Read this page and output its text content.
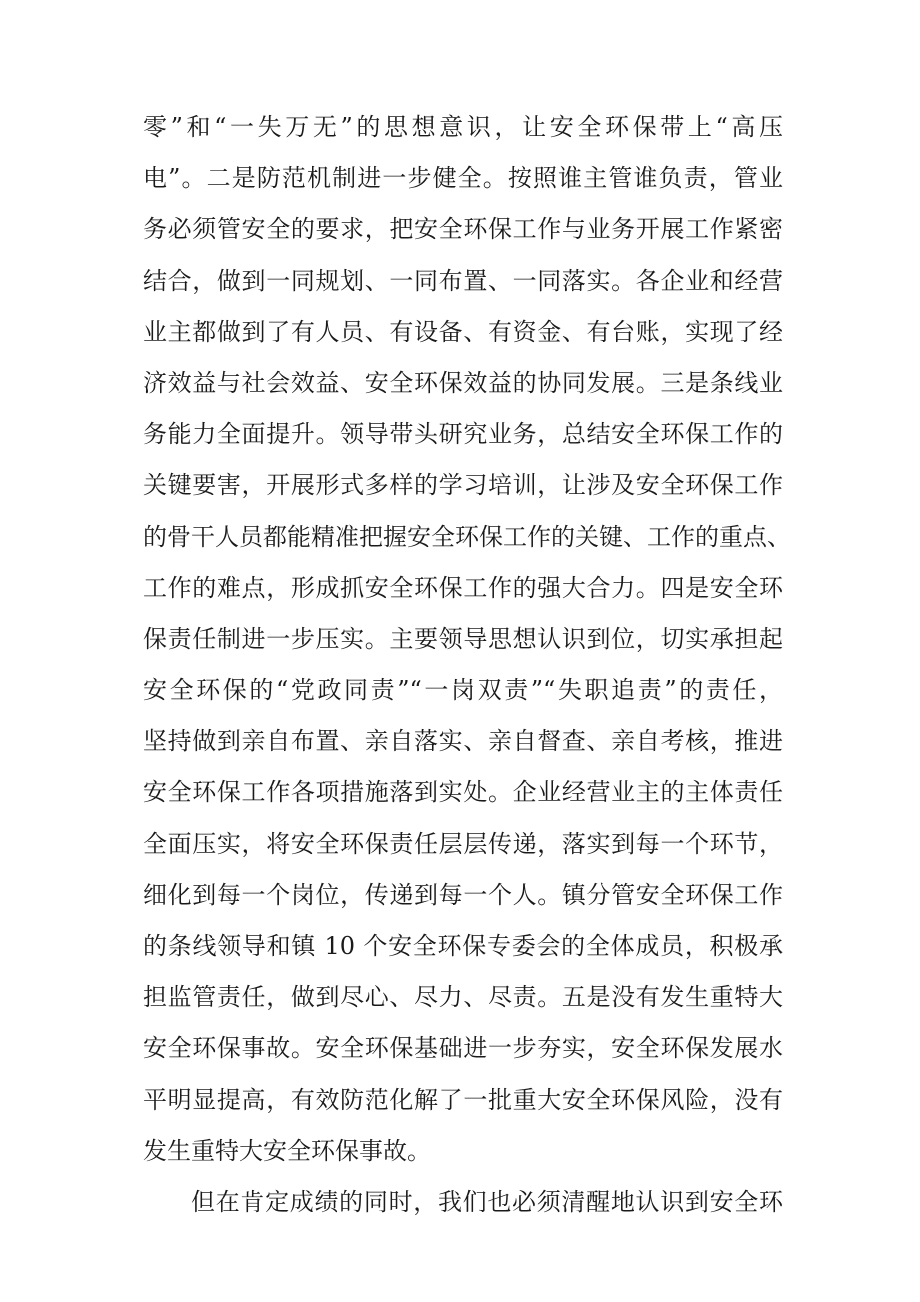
零”和“一失万无”的思想意识，让安全环保带上“高压
电”。二是防范机制进一步健全。按照谁主管谁负责，管业
务必须管安全的要求，把安全环保工作与业务开展工作紧密
结合，做到一同规划、一同布置、一同落实。各企业和经营
业主都做到了有人员、有设备、有资金、有台账，实现了经
济效益与社会效益、安全环保效益的协同发展。三是条线业
务能力全面提升。领导带头研究业务，总结安全环保工作的
关键要害，开展形式多样的学习培训，让涉及安全环保工作
的骨干人员都能精准把握安全环保工作的关键、工作的重点、
工作的难点，形成抓安全环保工作的强大合力。四是安全环
保责任制进一步压实。主要领导思想认识到位，切实承担起
安全环保的“党政同责”“一岗双责”“失职追责”的责任，
坚持做到亲自布置、亲自落实、亲自督查、亲自考核，推进
安全环保工作各项措施落到实处。企业经营业主的主体责任
全面压实，将安全环保责任层层传递，落实到每一个环节，
细化到每一个岗位，传递到每一个人。镇分管安全环保工作
的条线领导和镇 10 个安全环保专委会的全体成员，积极承
担监管责任，做到尽心、尽力、尽责。五是没有发生重特大
安全环保事故。安全环保基础进一步夯实，安全环保发展水
平明显提高，有效防范化解了一批重大安全环保风险，没有
发生重特大安全环保事故。
但在肯定成绩的同时，我们也必须清醒地认识到安全环
